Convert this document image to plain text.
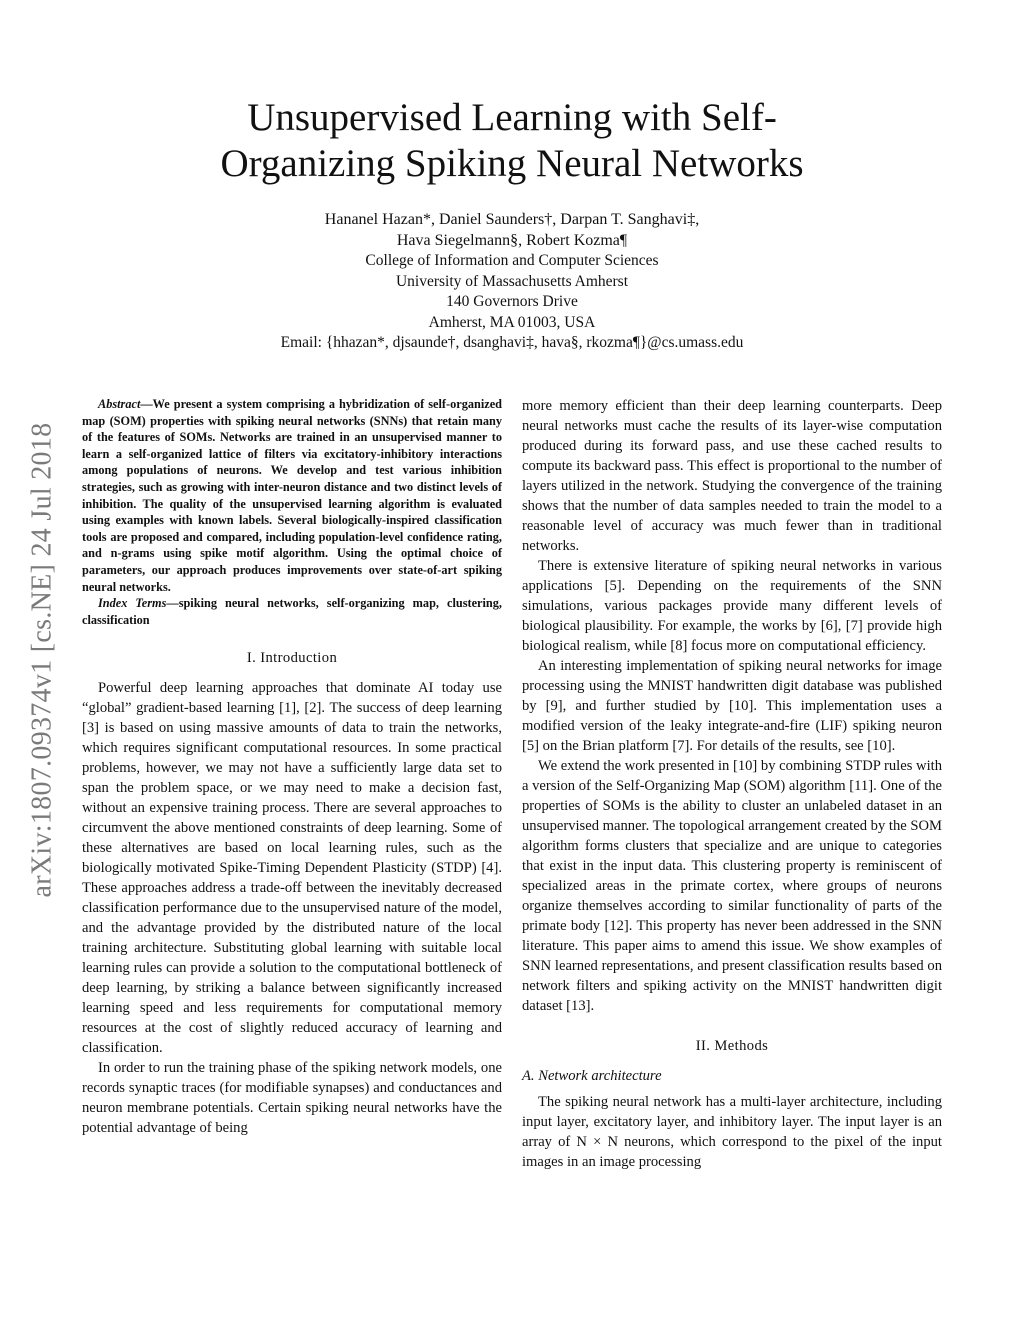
arXiv:1807.09374v1 [cs.NE] 24 Jul 2018
Unsupervised Learning with Self-
Organizing Spiking Neural Networks
Hananel Hazan*, Daniel Saunders†, Darpan T. Sanghavi‡,
Hava Siegelmann§, Robert Kozma¶
College of Information and Computer Sciences
University of Massachusetts Amherst
140 Governors Drive
Amherst, MA 01003, USA
Email: {hhazan*, djsaunde†, dsanghavi‡, hava§, rkozma¶}@cs.umass.edu

Abstract—We present a system comprising a hybridization of self-organized map (SOM) properties with spiking neural networks (SNNs) that retain many of the features of SOMs. Networks are trained in an unsupervised manner to learn a self-organized lattice of filters via excitatory-inhibitory interactions among populations of neurons. We develop and test various inhibition strategies, such as growing with inter-neuron distance and two distinct levels of inhibition. The quality of the unsupervised learning algorithm is evaluated using examples with known labels. Several biologically-inspired classification tools are proposed and compared, including population-level confidence rating, and n-grams using spike motif algorithm. Using the optimal choice of parameters, our approach produces improvements over state-of-art spiking neural networks.

Index Terms—spiking neural networks, self-organizing map, clustering, classification

I. Introduction

Powerful deep learning approaches that dominate AI today use “global” gradient-based learning [1], [2]. The success of deep learning [3] is based on using massive amounts of data to train the networks, which requires significant computational resources. In some practical problems, however, we may not have a sufficiently large data set to span the problem space, or we may need to make a decision fast, without an expensive training process. There are several approaches to circumvent the above mentioned constraints of deep learning. Some of these alternatives are based on local learning rules, such as the biologically motivated Spike-Timing Dependent Plasticity (STDP) [4]. These approaches address a trade-off between the inevitably decreased classification performance due to the unsupervised nature of the model, and the advantage provided by the distributed nature of the local training architecture. Substituting global learning with suitable local learning rules can provide a solution to the computational bottleneck of deep learning, by striking a balance between significantly increased learning speed and less requirements for computational memory resources at the cost of slightly reduced accuracy of learning and classification.

In order to run the training phase of the spiking network models, one records synaptic traces (for modifiable synapses) and conductances and neuron membrane potentials. Certain spiking neural networks have the potential advantage of being

more memory efficient than their deep learning counterparts. Deep neural networks must cache the results of its layer-wise computation produced during its forward pass, and use these cached results to compute its backward pass. This effect is proportional to the number of layers utilized in the network. Studying the convergence of the training shows that the number of data samples needed to train the model to a reasonable level of accuracy was much fewer than in traditional networks.

There is extensive literature of spiking neural networks in various applications [5]. Depending on the requirements of the SNN simulations, various packages provide many different levels of biological plausibility. For example, the works by [6], [7] provide high biological realism, while [8] focus more on computational efficiency.

An interesting implementation of spiking neural networks for image processing using the MNIST handwritten digit database was published by [9], and further studied by [10]. This implementation uses a modified version of the leaky integrate-and-fire (LIF) spiking neuron [5] on the Brian platform [7]. For details of the results, see [10].

We extend the work presented in [10] by combining STDP rules with a version of the Self-Organizing Map (SOM) algorithm [11]. One of the properties of SOMs is the ability to cluster an unlabeled dataset in an unsupervised manner. The topological arrangement created by the SOM algorithm forms clusters that specialize and are unique to categories that exist in the input data. This clustering property is reminiscent of specialized areas in the primate cortex, where groups of neurons organize themselves according to similar functionality of parts of the primate body [12]. This property has never been addressed in the SNN literature. This paper aims to amend this issue. We show examples of SNN learned representations, and present classification results based on network filters and spiking activity on the MNIST handwritten digit dataset [13].

II. Methods
A. Network architecture

The spiking neural network has a multi-layer architecture, including input layer, excitatory layer, and inhibitory layer. The input layer is an array of N × N neurons, which correspond to the pixel of the input images in an image processing
